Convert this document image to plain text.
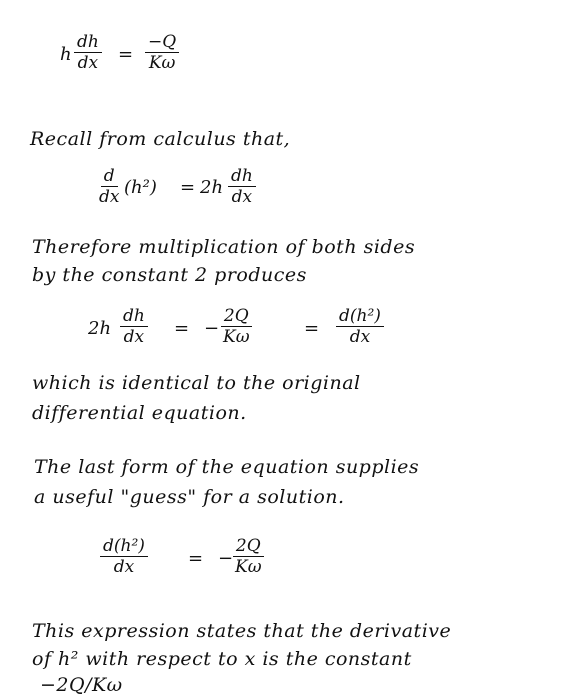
h $\frac{dh}{dx} = \frac{-Q}{K\omega}$
Recall from calculus that,
$\frac{d}{dx} (h^2) = 2h \frac{dh}{dx}$
Therefore multiplication of both sides
by the constant 2 produces
$2h \frac{dh}{dx}$ = − $\frac{2Q}{K\omega}$	= $\frac{\text{d(h²)}}{dx}$
which is identical to the original
differential equation.
The last form of the equation supplies
a useful "guess" for a solution.
$\frac{\text{d(h²)}}{dx}$ = −
$\frac{2Q}{K\omega}$
This expression states that the derivative
of h² with respect to x is the constant
−2Q/Kω
